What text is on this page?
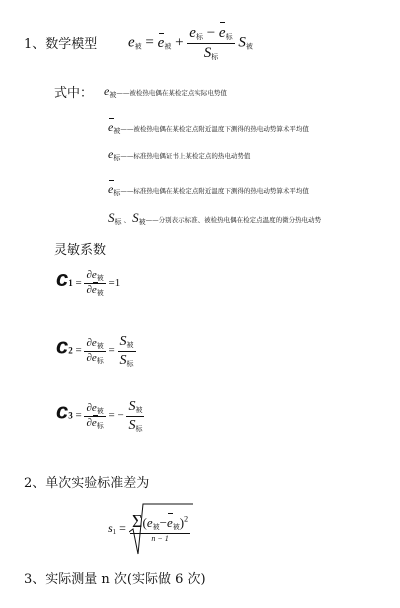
1、数学模型 $e_被 = e_被 + \frac{e_标 - e_标}{S_标} S_被$
式中： e被——被检热电偶在某检定点实际电势值
e被——被检热电偶在某检定点附近温度下测得的热电动势算术平均值
e标——标准热电偶证书上某检定点的热电动势值
e标——标准热电偶在某检定点附近温度下测得的热电动势算术平均值
S标 、 S被——分别表示标准、被检热电偶在检定点温度的微分热电动势
灵敏系数
$c1 = \frac{\partial e_被}{\partial e_被} =1$
$c2 = \frac{\partial e_被}{\partial e_标} = \frac{S_被}{S_标}$
$c3 = \frac{\partial e_被}{\partial e_标}$ = − $\frac{S_被}{S_标}$
2、单次实验标准差为
$s_1 = \frac{\Sigma(e_被-e_被)^2}{n - 1}$
3、实际测量 n 次(实际做 6 次)
